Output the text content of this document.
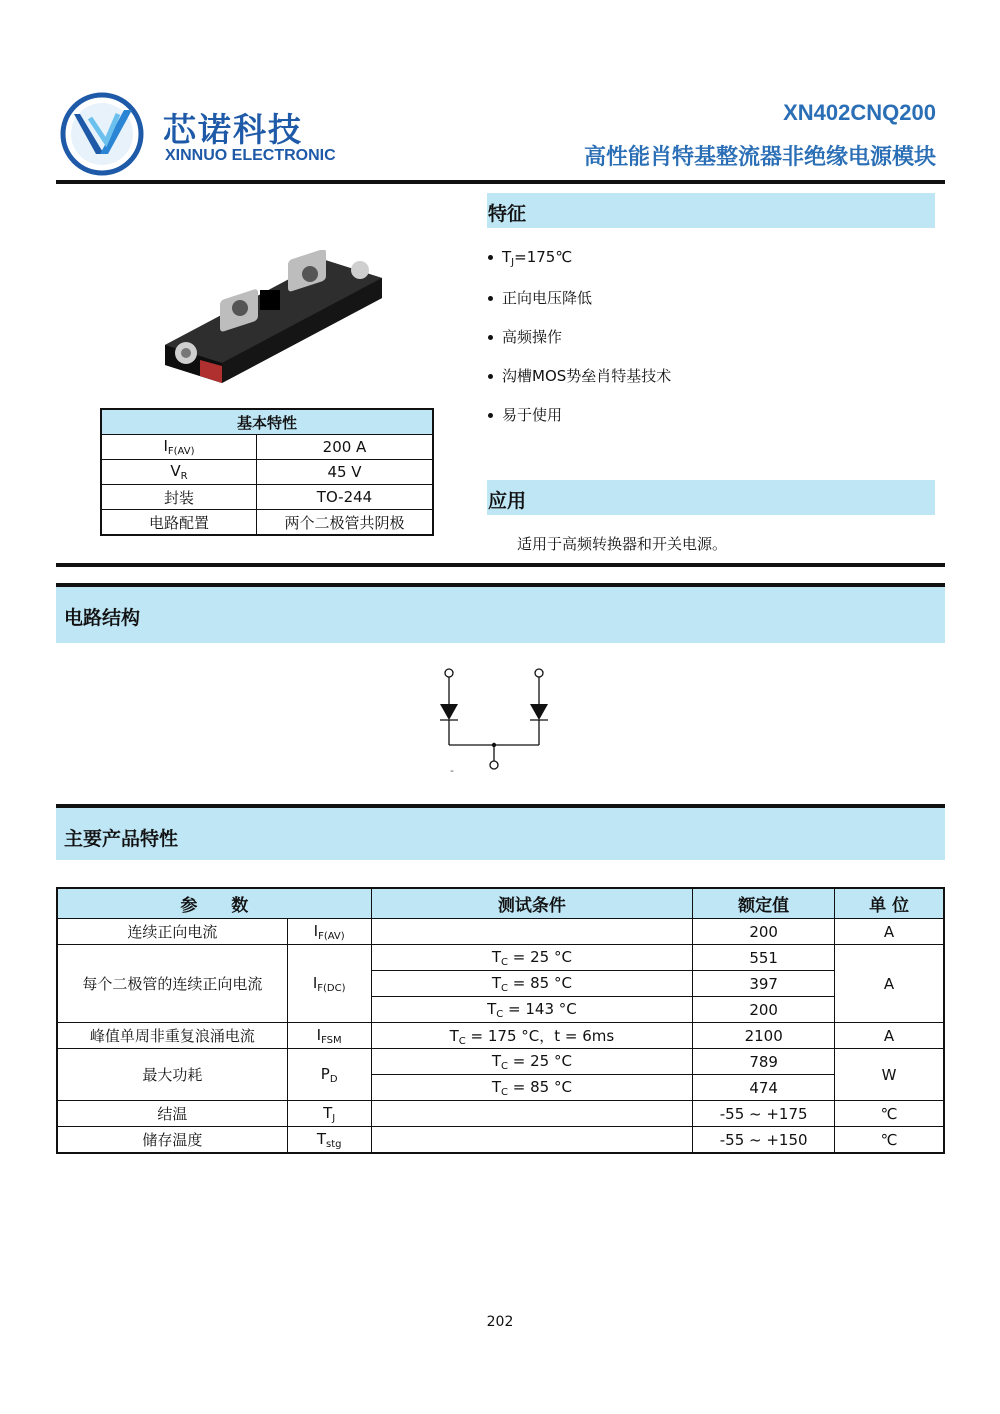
芯诺科技
XINNUO ELECTRONIC
XN402CNQ200
高性能肖特基整流器非绝缘电源模块
基本特性	
$I_{F(AV)}$	200 A
$V_R$	45 V
封装	TO-244
电路配置	两个二极管共阴极
特征
$T_J=175℃$
正向电压降低
高频操作
沟槽MOS势垒肖特基技术
易于使用
应用
适用于高频转换器和开关电源。
电路结构
-
主要产品特性
参　　数		测试条件	额定值	单 位
连续正向电流	$I_{F(AV)}$		200	A
每个二极管的连续正向电流	$I_{F(DC)}$	$T_C = 25$ °C	551	A
		$T_C = 85$ °C	397	
		$T_C = 143$ °C	200	
峰值单周非重复浪涌电流	$I_{FSM}$	$T_C = 175$ °C，t = 6ms	2100	A
最大功耗	$P_D$	$T_C = 25$ °C	789	W
		$T_C = 85$ °C	474	
结温	$T_J$		-55 ~ +175	℃
储存温度	$T_{stg}$		-55 ~ +150	℃
202
